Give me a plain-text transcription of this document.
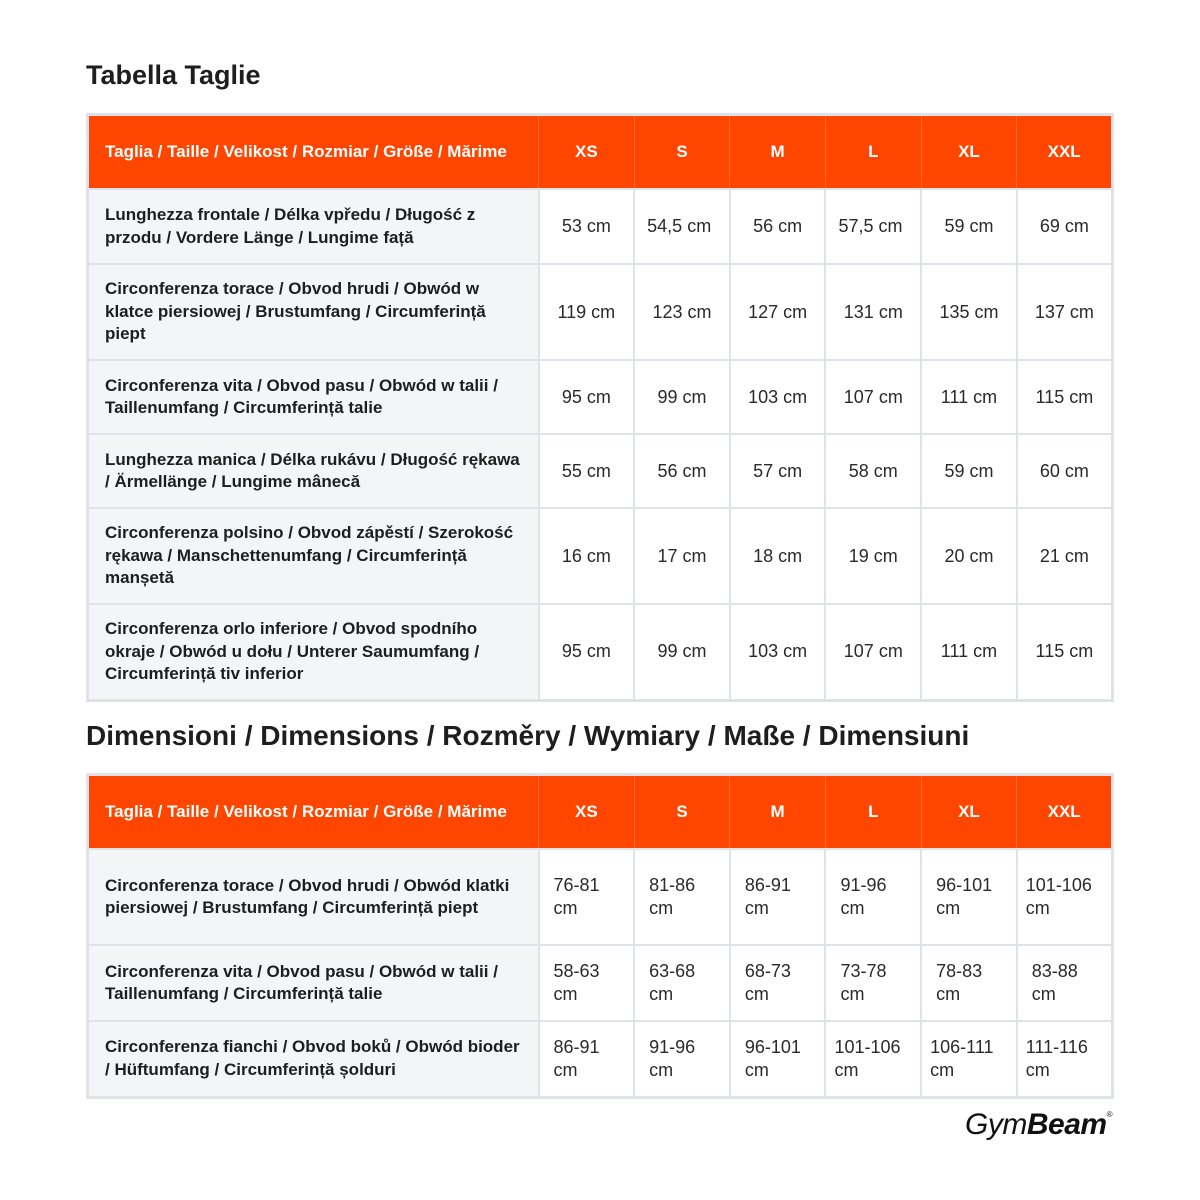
Tabella Taglie
Taglia / Taille / Velikost / Rozmiar / Größe / Mărime	XS	S	M	L	XL	XXL
Lunghezza frontale / Délka vpředu / Długość z przodu / Vordere Länge / Lungime față	53 cm	54,5 cm	56 cm	57,5 cm	59 cm	69 cm
Circonferenza torace / Obvod hrudi / Obwód w klatce piersiowej / Brustumfang / Circumferință piept	119 cm	123 cm	127 cm	131 cm	135 cm	137 cm
Circonferenza vita / Obvod pasu / Obwód w talii / Taillenumfang / Circumferință talie	95 cm	99 cm	103 cm	107 cm	111 cm	115 cm
Lunghezza manica / Délka rukávu / Długość rękawa / Ärmellänge / Lungime mânecă	55 cm	56 cm	57 cm	58 cm	59 cm	60 cm
Circonferenza polsino / Obvod zápěstí / Szerokość rękawa / Manschettenumfang / Circumferință manșetă	16 cm	17 cm	18 cm	19 cm	20 cm	21 cm
Circonferenza orlo inferiore / Obvod spodního okraje / Obwód u dołu / Unterer Saumumfang / Circumferință tiv inferior	95 cm	99 cm	103 cm	107 cm	111 cm	115 cm
Dimensioni / Dimensions / Rozměry / Wymiary / Maße / Dimensiuni
Taglia / Taille / Velikost / Rozmiar / Größe / Mărime	XS	S	M	L	XL	XXL
Circonferenza torace / Obvod hrudi / Obwód klatki piersiowej / Brustumfang / Circumferință piept	76-81 cm	81-86 cm	86-91 cm	91-96 cm	96-101 cm	101-106 cm
Circonferenza vita / Obvod pasu / Obwód w talii / Taillenumfang / Circumferință talie	58-63 cm	63-68 cm	68-73 cm	73-78 cm	78-83 cm	83-88 cm
Circonferenza fianchi / Obvod boků / Obwód bioder / Hüftumfang / Circumferință șolduri	86-91 cm	91-96 cm	96-101 cm	101-106 cm	106-111 cm	111-116 cm
GymBeam®
